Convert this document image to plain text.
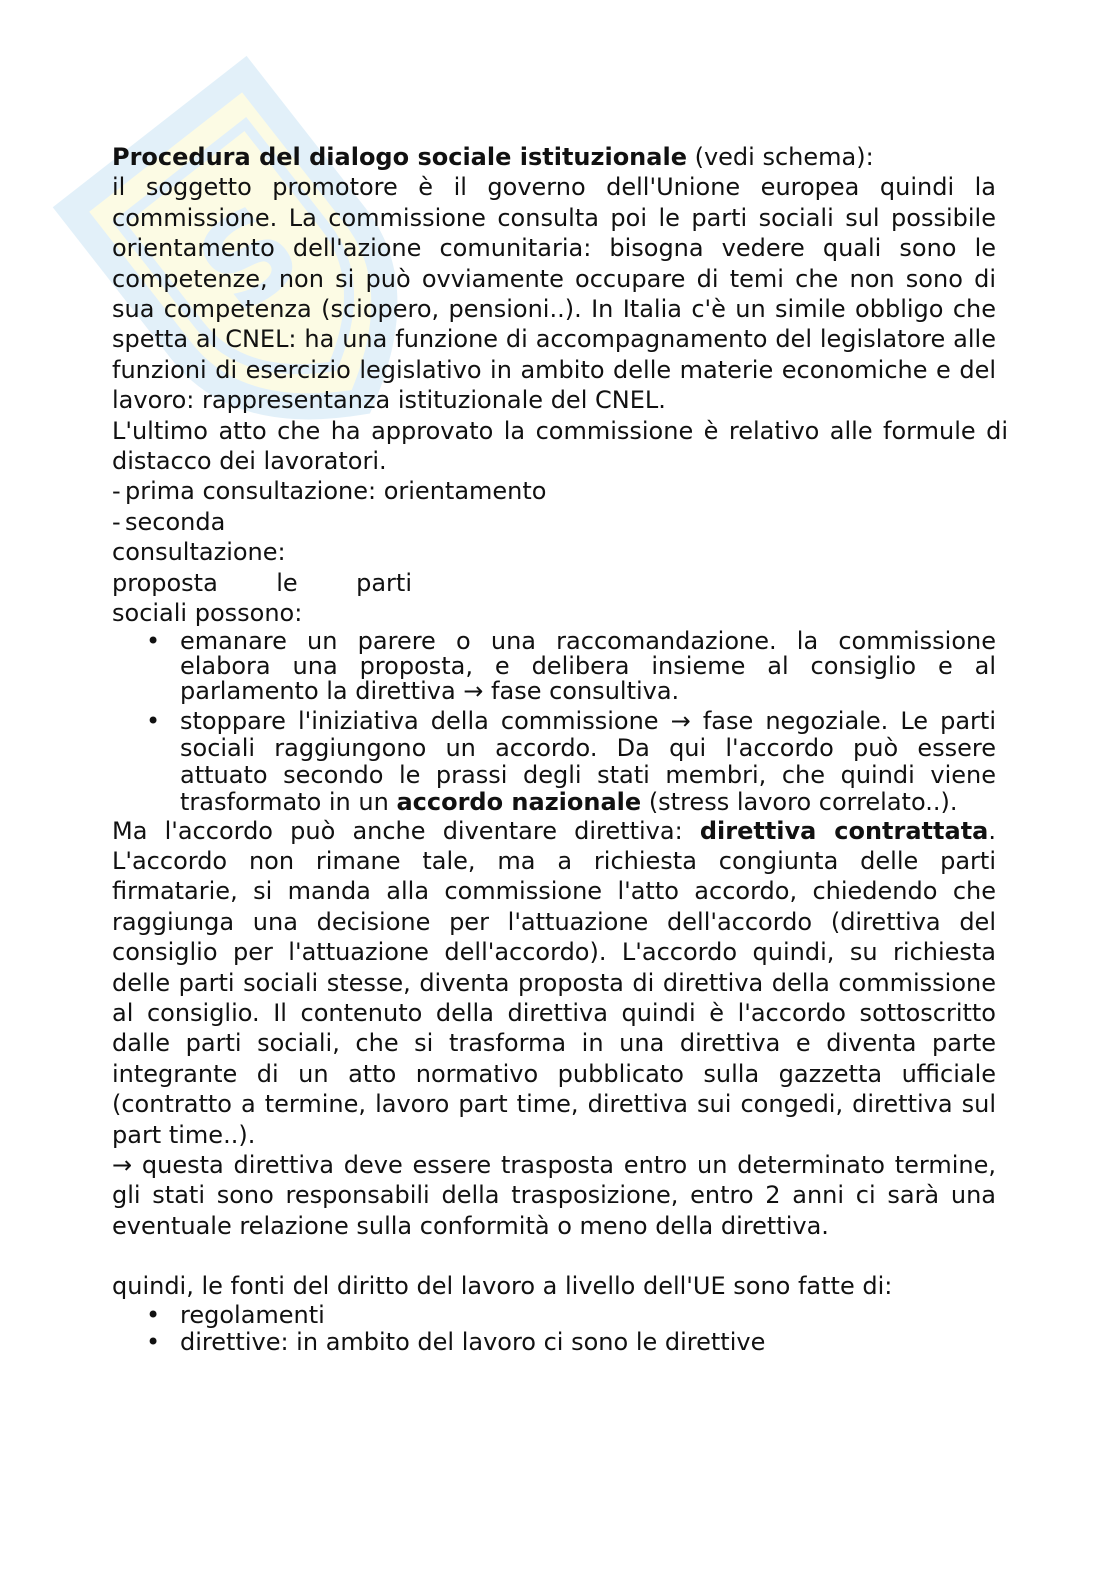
S

Procedura del dialogo sociale istituzionale (vedi schema):

il soggetto promotore è il governo dell'Unione europea quindi la commissione. La commissione consulta poi le parti sociali sul possibile orientamento dell'azione comunitaria: bisogna vedere quali sono le competenze, non si può ovviamente occupare di temi che non sono di sua competenza (sciopero, pensioni..). In Italia c'è un simile obbligo che spetta al CNEL: ha una funzione di accompagnamento del legislatore alle funzioni di esercizio legislativo in ambito delle materie economiche e del lavoro: rappresentanza istituzionale del CNEL.

L'ultimo atto che ha approvato la commissione è relativo alle formule di distacco dei lavoratori.

- prima consultazione: orientamento

- seconda

consultazione:

proposta le parti

sociali possono:

• emanare un parere o una raccomandazione. la commissione elabora una proposta, e delibera insieme al consiglio e al parlamento la direttiva → fase consultiva.
• stoppare l'iniziativa della commissione → fase negoziale. Le parti sociali raggiungono un accordo. Da qui l'accordo può essere attuato secondo le prassi degli stati membri, che quindi viene trasformato in un accordo nazionale (stress lavoro correlato..).

Ma l'accordo può anche diventare direttiva: direttiva contrattata. L'accordo non rimane tale, ma a richiesta congiunta delle parti firmatarie, si manda alla commissione l'atto accordo, chiedendo che raggiunga una decisione per l'attuazione dell'accordo (direttiva del consiglio per l'attuazione dell'accordo). L'accordo quindi, su richiesta delle parti sociali stesse, diventa proposta di direttiva della commissione al consiglio. Il contenuto della direttiva quindi è l'accordo sottoscritto dalle parti sociali, che si trasforma in una direttiva e diventa parte integrante di un atto normativo pubblicato sulla gazzetta ufficiale (contratto a termine, lavoro part time, direttiva sui congedi, direttiva sul part time..).

→ questa direttiva deve essere trasposta entro un determinato termine, gli stati sono responsabili della trasposizione, entro 2 anni ci sarà una eventuale relazione sulla conformità o meno della direttiva.

quindi, le fonti del diritto del lavoro a livello dell'UE sono fatte di:

• regolamenti
• direttive: in ambito del lavoro ci sono le direttive
